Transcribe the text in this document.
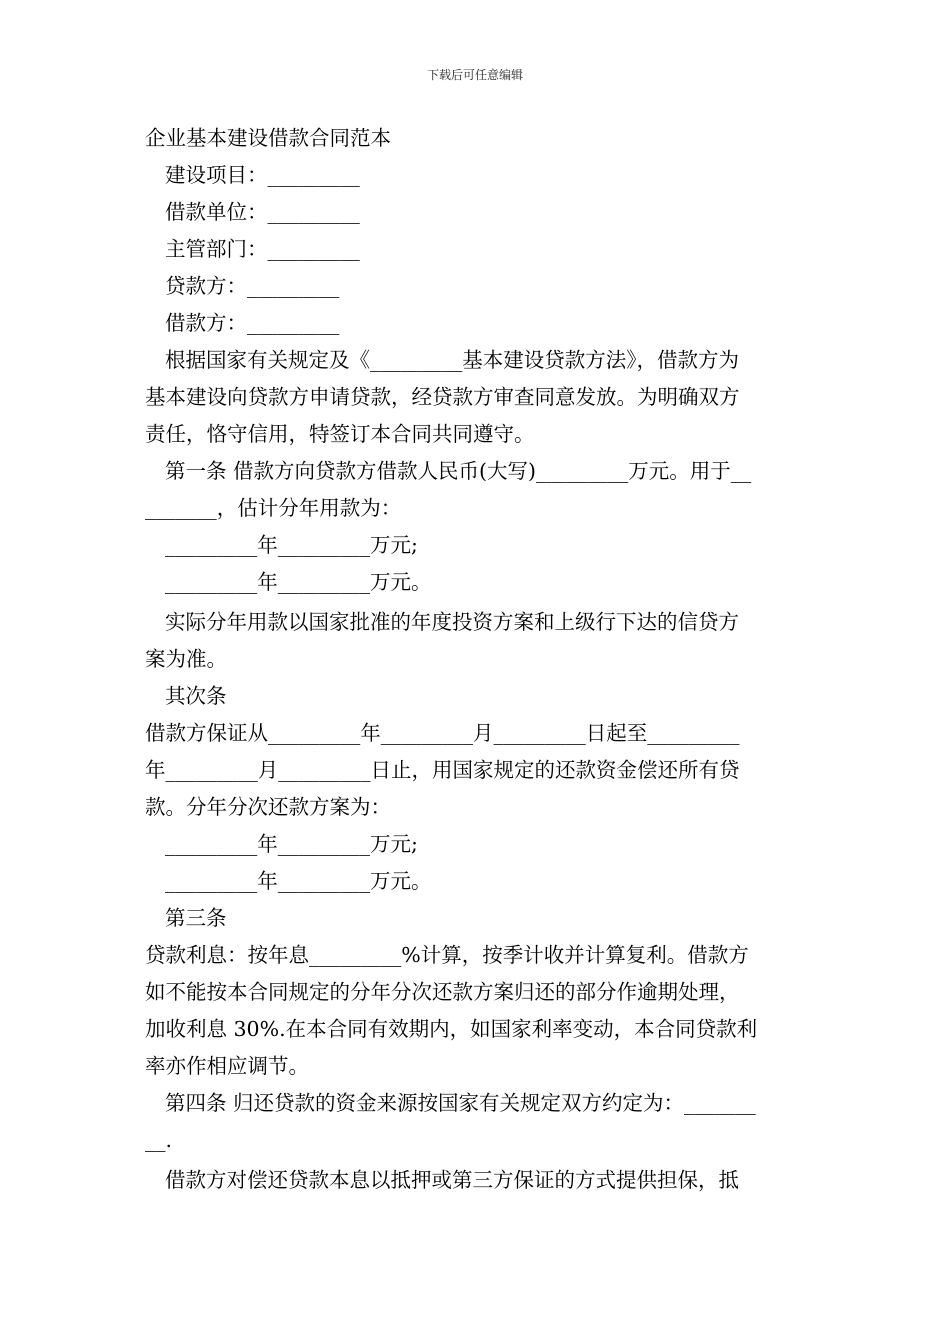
下载后可任意编辑
企业基本建设借款合同范本
建设项目：_________
借款单位：_________
主管部门：_________
贷款方：_________
借款方：_________
根据国家有关规定及《_________基本建设贷款方法》，借款方为
基本建设向贷款方申请贷款，经贷款方审查同意发放。为明确双方
责任，恪守信用，特签订本合同共同遵守。
第一条 借款方向贷款方借款人民币(大写)_________万元。用于__
_______，估计分年用款为：
_________年_________万元;
_________年_________万元。
实际分年用款以国家批准的年度投资方案和上级行下达的信贷方
案为准。
其次条
借款方保证从_________年_________月_________日起至_________
年_________月_________日止，用国家规定的还款资金偿还所有贷
款。分年分次还款方案为：
_________年_________万元;
_________年_________万元。
第三条
贷款利息：按年息_________%计算，按季计收并计算复利。借款方
如不能按本合同规定的分年分次还款方案归还的部分作逾期处理，
加收利息 30%.在本合同有效期内，如国家利率变动，本合同贷款利
率亦作相应调节。
第四条 归还贷款的资金来源按国家有关规定双方约定为：_______
__.
借款方对偿还贷款本息以抵押或第三方保证的方式提供担保，抵
